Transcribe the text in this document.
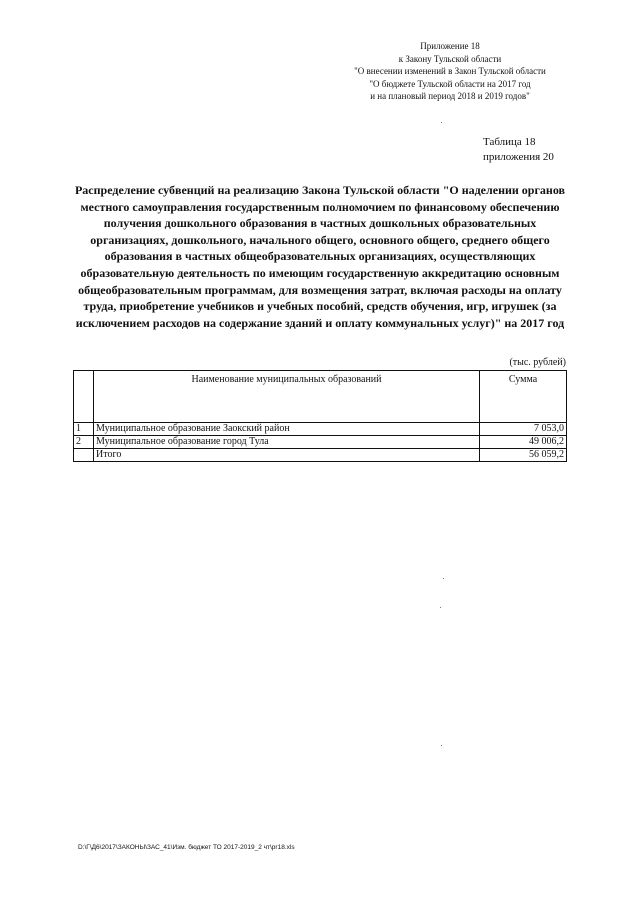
Приложение 18
к Закону Тульской области
"О внесении изменений в Закон Тульской области
"О бюджете Тульской области на 2017 год
и на плановый период 2018 и 2019 годов"
Таблица 18
приложения 20
Распределение субвенций на реализацию Закона Тульской области "О наделении органов местного самоуправления государственным полномочием по финансовому обеспечению получения дошкольного образования в частных дошкольных образовательных организациях, дошкольного, начального общего, основного общего, среднего общего образования в частных общеобразовательных организациях, осуществляющих образовательную деятельность по имеющим государственную аккредитацию основным общеобразовательным программам, для возмещения затрат, включая расходы на оплату труда, приобретение учебников и учебных пособий, средств обучения, игр, игрушек (за исключением расходов на содержание зданий и оплату коммунальных услуг)" на 2017 год
(тыс. рублей)
	Наименование муниципальных образований	Сумма
1	Муниципальное образование Заокский район	7 053,0
2	Муниципальное образование город Тула	49 006,2
	Итого	56 059,2
D:\Г\Д6\2017\ЗАКОНЫ\ЗАС_41\Изм. бюджет ТО 2017-2019_2 чт\pr18.xls
